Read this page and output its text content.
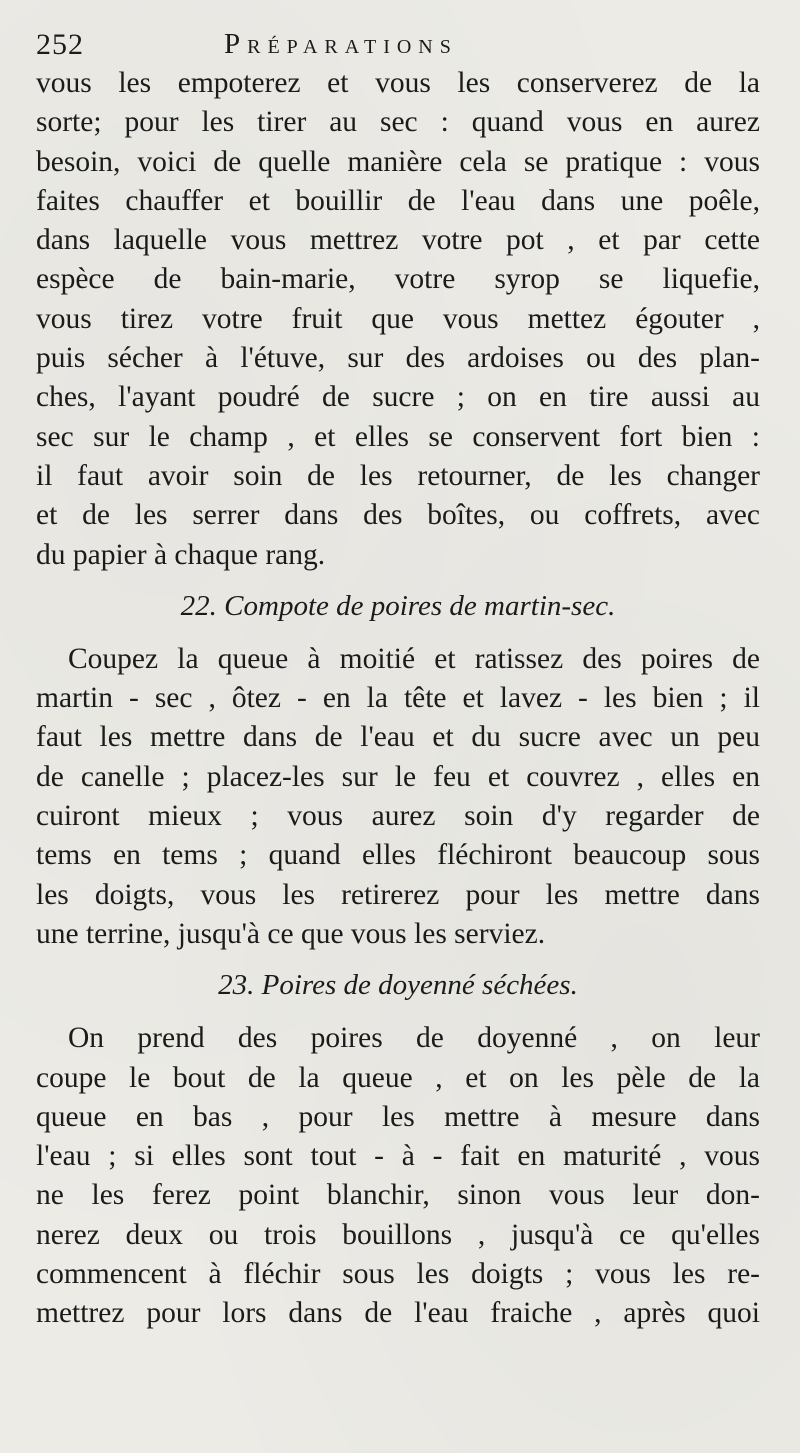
252	Préparations
vous les empoterez et vous les conserverez de la
sorte; pour les tirer au sec : quand vous en aurez
besoin, voici de quelle manière cela se pratique : vous
faites chauffer et bouillir de l'eau dans une poêle,
dans laquelle vous mettrez votre pot , et par cette
espèce de bain-marie, votre syrop se liquefie,
vous tirez votre fruit que vous mettez égouter ,
puis sécher à l'étuve, sur des ardoises ou des plan-
ches, l'ayant poudré de sucre ; on en tire aussi au
sec sur le champ , et elles se conservent fort bien :
il faut avoir soin de les retourner, de les changer
et de les serrer dans des boîtes, ou coffrets, avec
du papier à chaque rang.
22. Compote de poires de martin-sec.
Coupez la queue à moitié et ratissez des poires de
martin - sec , ôtez - en la tête et lavez - les bien ; il
faut les mettre dans de l'eau et du sucre avec un peu
de canelle ; placez-les sur le feu et couvrez , elles en
cuiront mieux ; vous aurez soin d'y regarder de
tems en tems ; quand elles fléchiront beaucoup sous
les doigts, vous les retirerez pour les mettre dans
une terrine, jusqu'à ce que vous les serviez.
23. Poires de doyenné séchées.
On prend des poires de doyenné , on leur
coupe le bout de la queue , et on les pèle de la
queue en bas , pour les mettre à mesure dans
l'eau ; si elles sont tout - à - fait en maturité , vous
ne les ferez point blanchir, sinon vous leur don-
nerez deux ou trois bouillons , jusqu'à ce qu'elles
commencent à fléchir sous les doigts ; vous les re-
mettrez pour lors dans de l'eau fraiche , après quoi
